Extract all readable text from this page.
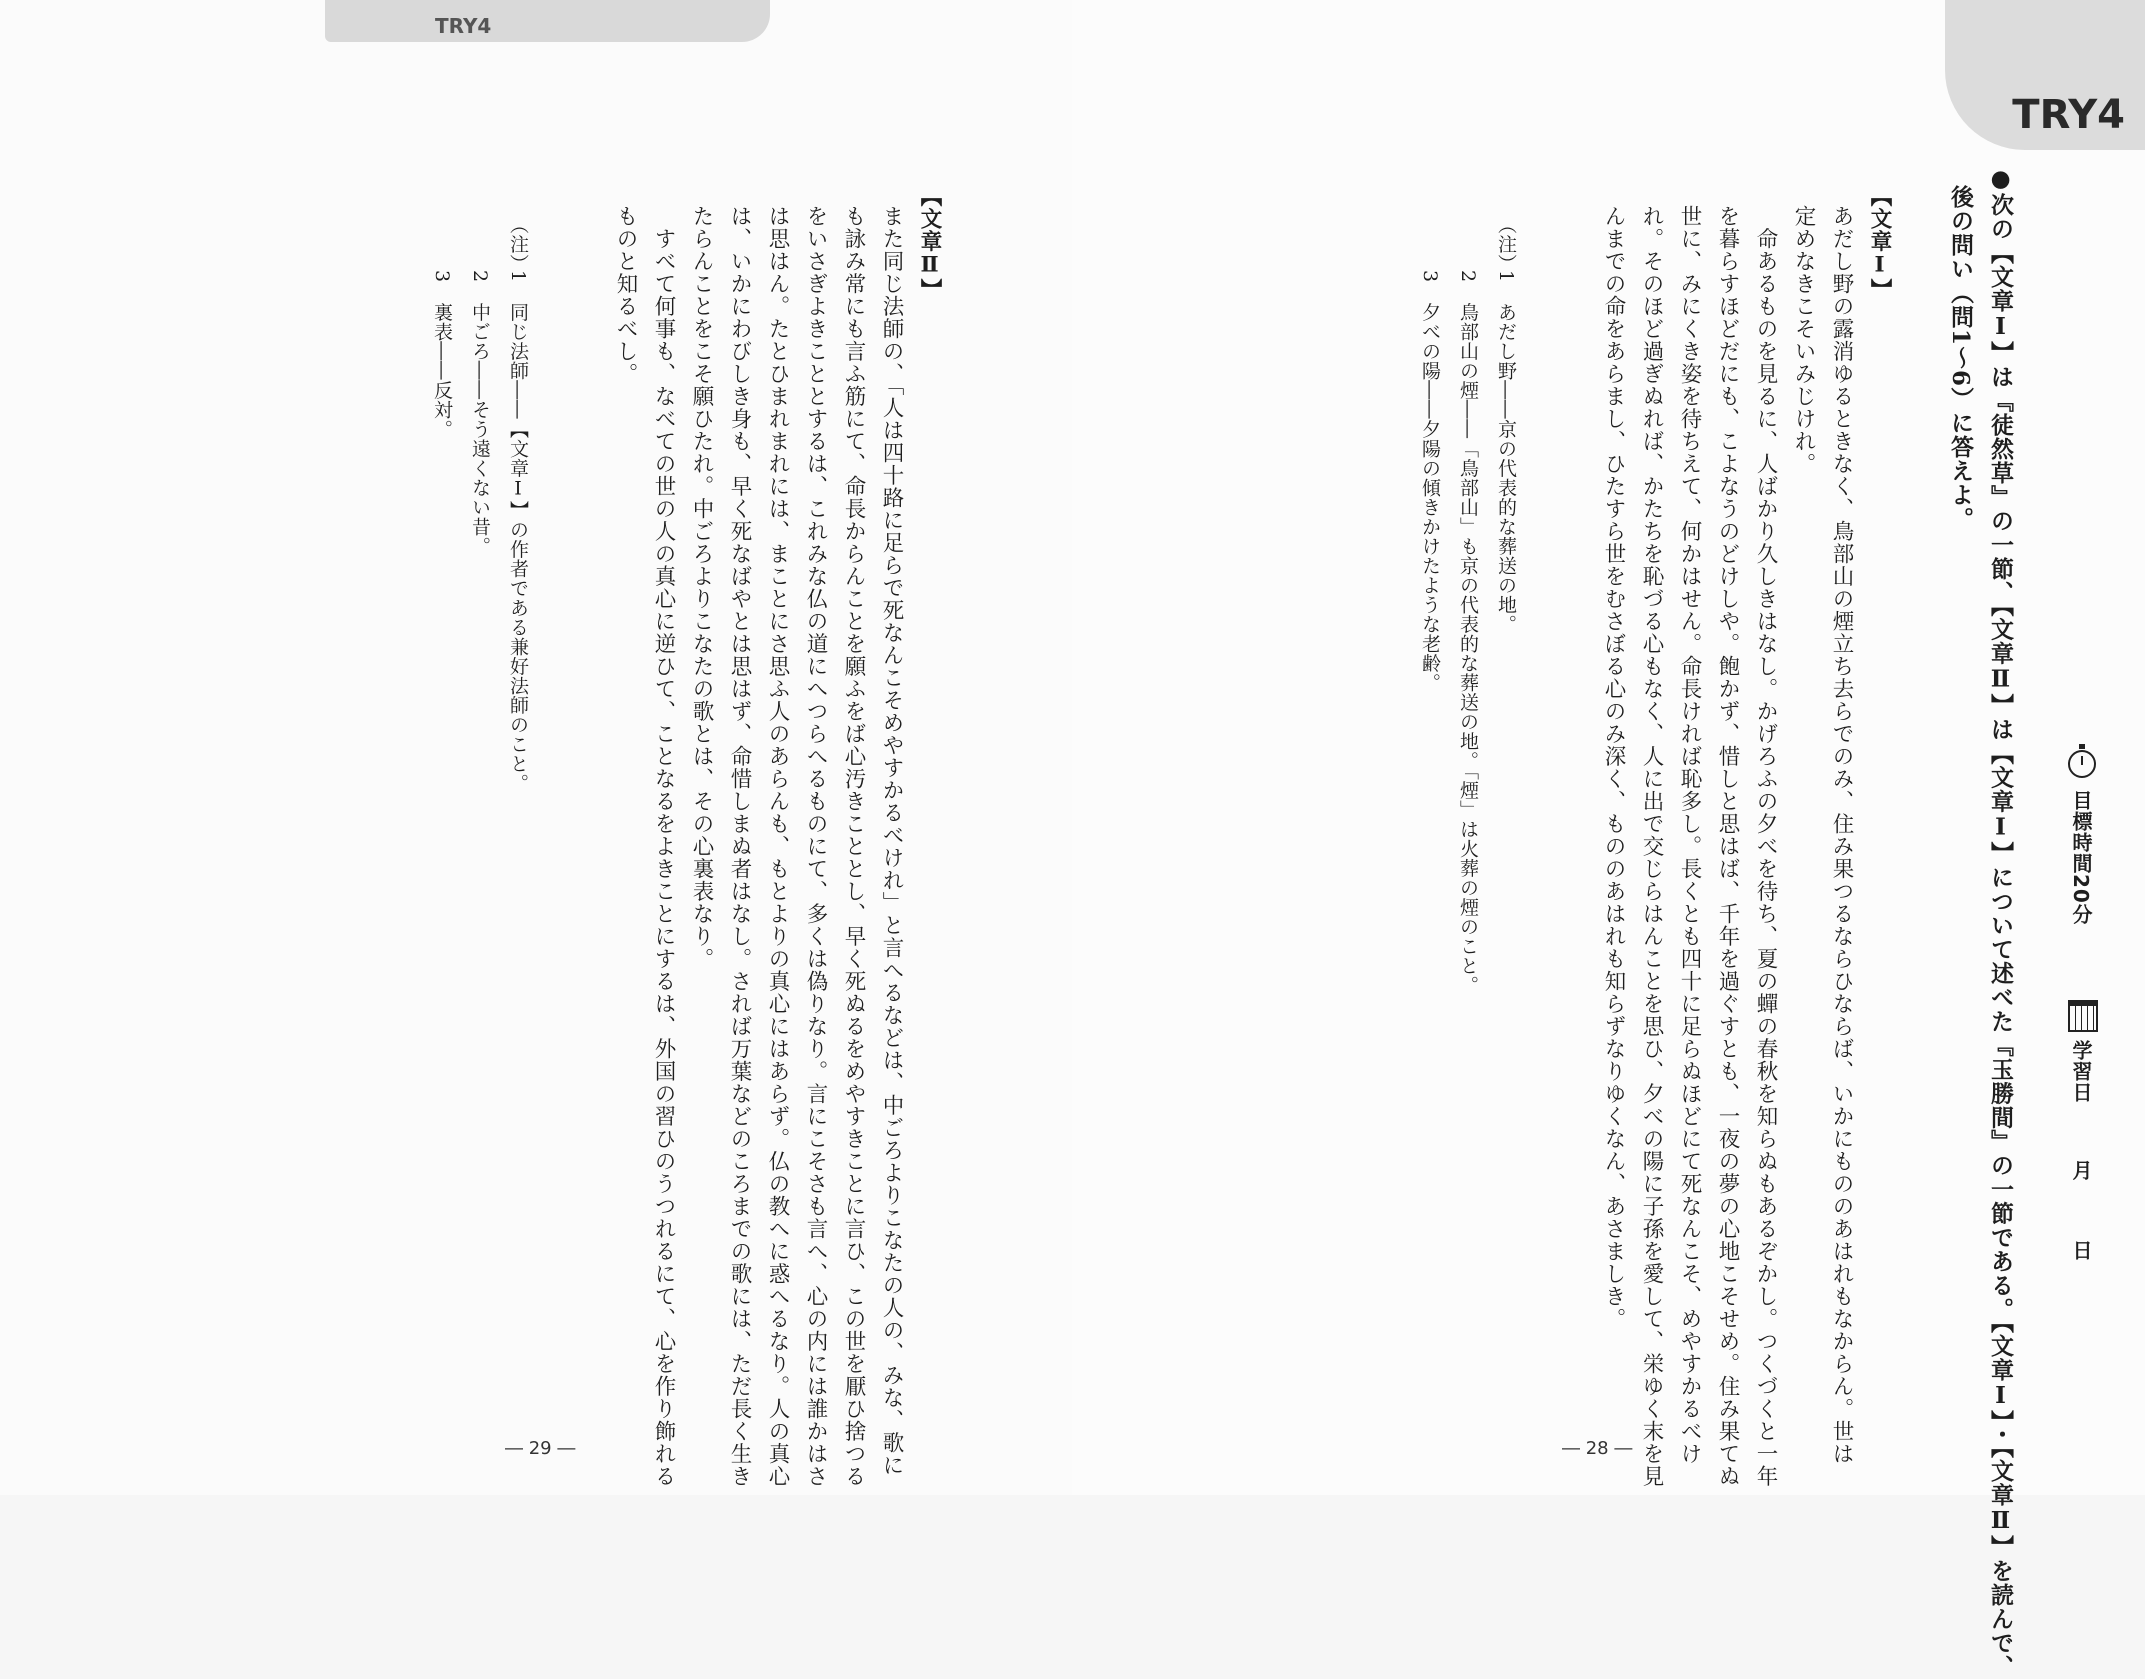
TRY4
【文章Ⅱ】
また同じ法師の、「人は四十路に足らで死なんこそめやすかるべけれ」と言へるなどは、中ごろよりこなたの人の、みな、歌に
も詠み常にも言ふ筋にて、命長からんことを願ふをば心汚きこととし、早く死ぬるをめやすきことに言ひ、この世を厭ひ捨つる
をいさぎよきこととするは、これみな仏の道にへつらへるものにて、多くは偽りなり。言にこそさも言へ、心の内には誰かはさ
は思はん。たとひまれまれには、まことにさ思ふ人のあらんも、もとよりの真心にはあらず。仏の教へに惑へるなり。人の真心
は、いかにわびしき身も、早く死なばやとは思はず、命惜しまぬ者はなし。されば万葉などのころまでの歌には、ただ長く生き
たらんことをこそ願ひたれ。中ごろよりこなたの歌とは、その心裏表なり。
　すべて何事も、なべての世の人の真心に逆ひて、ことなるをよきことにするは、外国の習ひのうつれるにて、心を作り飾れる
ものと知るべし。
（注）
1　同じ法師――【文章Ⅰ】の作者である兼好法師のこと。
2　中ごろ――そう遠くない昔。
3　裏表――反対。
― 29 ―
TRY4
●次の【文章Ⅰ】は『徒然草』の一節、【文章Ⅱ】は【文章Ⅰ】について述べた『玉勝間』の一節である。【文章Ⅰ】・【文章Ⅱ】を読んで、
後の問い（問1～6）に答えよ。
目標時間20分
学習日
月
日
【文章Ⅰ】
あだし野の露消ゆるときなく、鳥部山の煙立ち去らでのみ、住み果つるならひならば、いかにもののあはれもなからん。世は
定めなきこそいみじけれ。
　命あるものを見るに、人ばかり久しきはなし。かげろふの夕べを待ち、夏の蟬の春秋を知らぬもあるぞかし。つくづくと一年
を暮らすほどだにも、こよなうのどけしや。飽かず、惜しと思はば、千年を過ぐすとも、一夜の夢の心地こそせめ。住み果てぬ
世に、みにくき姿を待ちえて、何かはせん。命長ければ恥多し。長くとも四十に足らぬほどにて死なんこそ、めやすかるべけ
れ。そのほど過ぎぬれば、かたちを恥づる心もなく、人に出で交じらはんことを思ひ、夕べの陽に子孫を愛して、栄ゆく末を見
んまでの命をあらまし、ひたすら世をむさぼる心のみ深く、もののあはれも知らずなりゆくなん、あさましき。
（注）
1　あだし野――京の代表的な葬送の地。
2　鳥部山の煙――「鳥部山」も京の代表的な葬送の地。「煙」は火葬の煙のこと。
3　夕べの陽――夕陽の傾きかけたような老齢。
― 28 ―
